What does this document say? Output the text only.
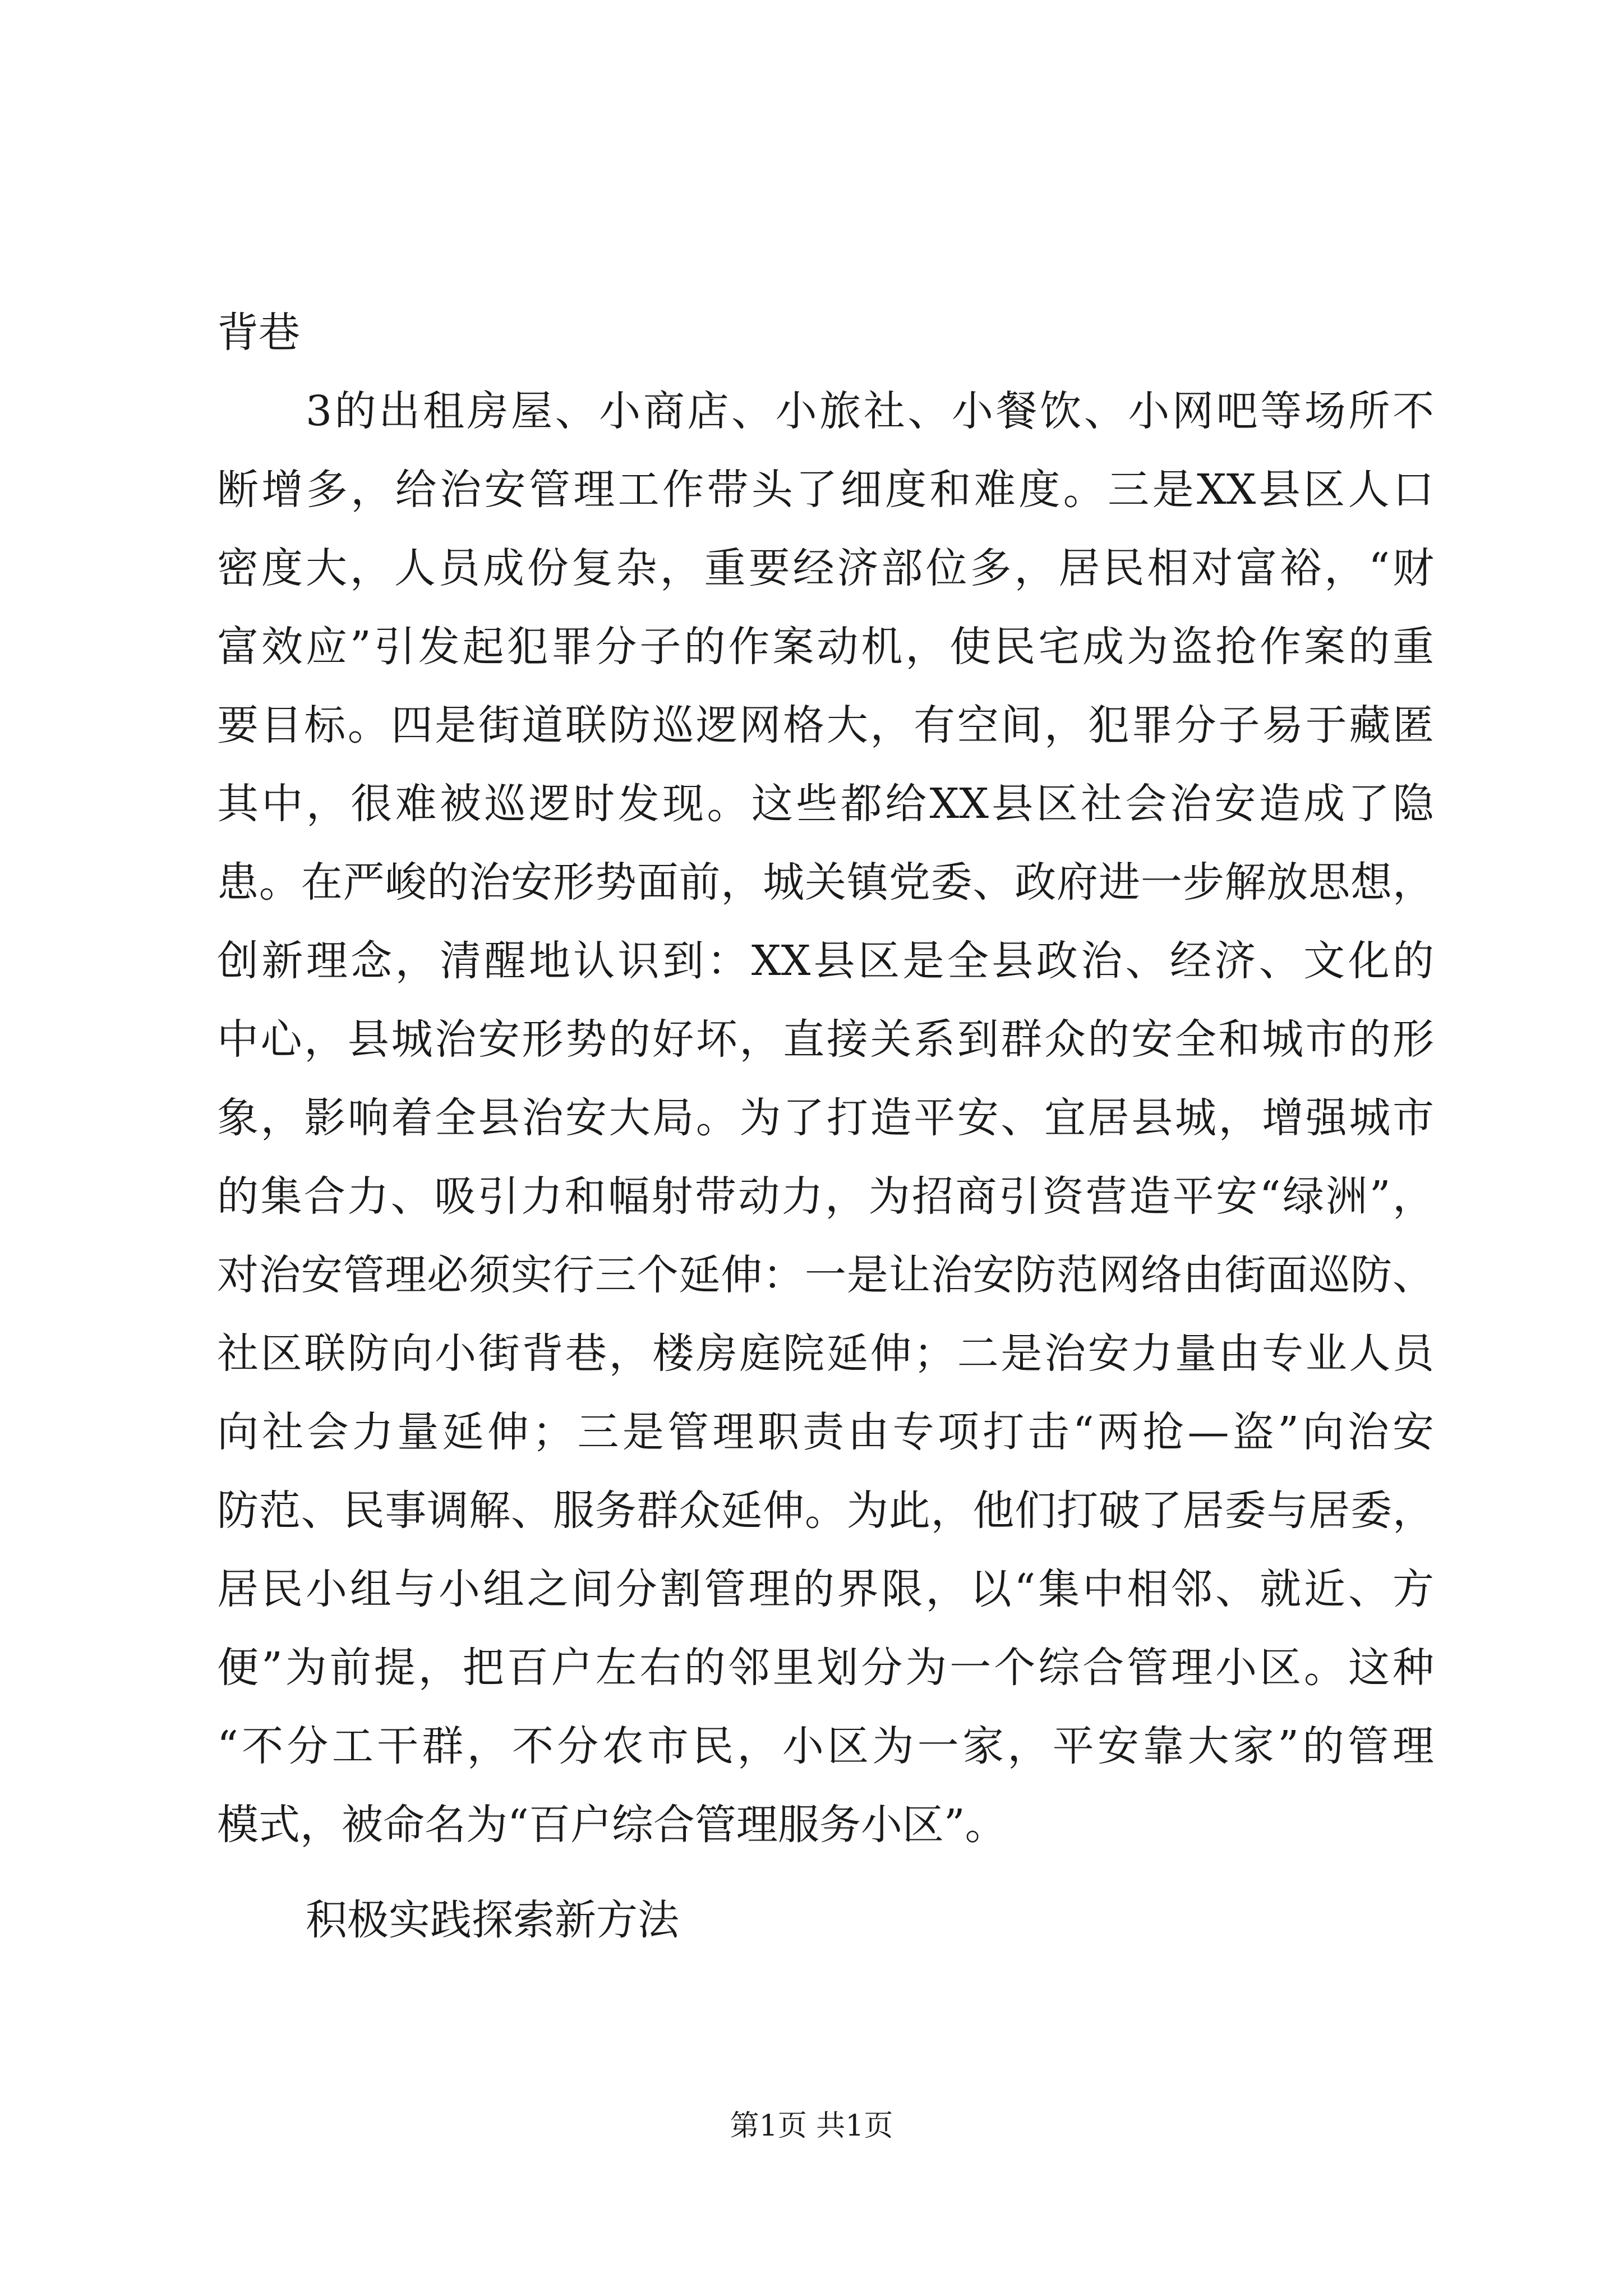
背巷
3的出租房屋、小商店、小旅社、小餐饮、小网吧等场所不
断增多，给治安管理工作带头了细度和难度。三是XX县区人口
密度大，人员成份复杂，重要经济部位多，居民相对富裕，“财
富效应”引发起犯罪分子的作案动机，使民宅成为盗抢作案的重
要目标。四是街道联防巡逻网格大，有空间，犯罪分子易于藏匿
其中，很难被巡逻时发现。这些都给XX县区社会治安造成了隐
患。在严峻的治安形势面前，城关镇党委、政府进一步解放思想，
创新理念，清醒地认识到：XX县区是全县政治、经济、文化的
中心，县城治安形势的好坏，直接关系到群众的安全和城市的形
象，影响着全县治安大局。为了打造平安、宜居县城，增强城市
的集合力、吸引力和幅射带动力，为招商引资营造平安“绿洲”，
对治安管理必须实行三个延伸：一是让治安防范网络由街面巡防、
社区联防向小街背巷，楼房庭院延伸；二是治安力量由专业人员
向社会力量延伸；三是管理职责由专项打击“两抢—盗”向治安
防范、民事调解、服务群众延伸。为此，他们打破了居委与居委，
居民小组与小组之间分割管理的界限，以“集中相邻、就近、方
便”为前提，把百户左右的邻里划分为一个综合管理小区。这种
“不分工干群，不分农市民，小区为一家，平安靠大家”的管理
模式，被命名为“百户综合管理服务小区”。
积极实践探索新方法
第1页 共1页
